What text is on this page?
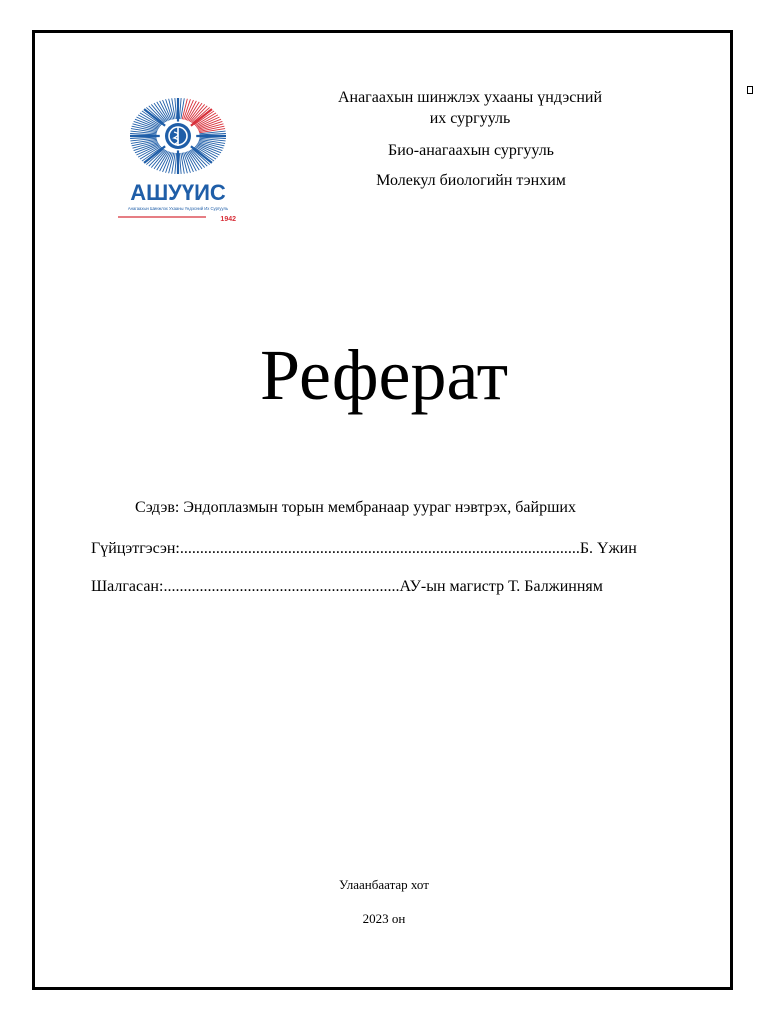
АШУҮИС
Анагаахын Шинжлэх Ухааны Үндэсний Их Сургууль
1942
Анагаахын шинжлэх ухааны үндэсний
их сургууль
Био-анагаахын сургууль
Молекул биологийн тэнхим
Реферат
Сэдэв: Эндоплазмын торын мембранаар уураг нэвтрэх, байрших
Гүйцэтгэсэн:....................................................................................................Б. Үжин
Шалгасан:...........................................................АУ-ын магистр Т. Балжинням
Улаанбаатар хот
2023 он
